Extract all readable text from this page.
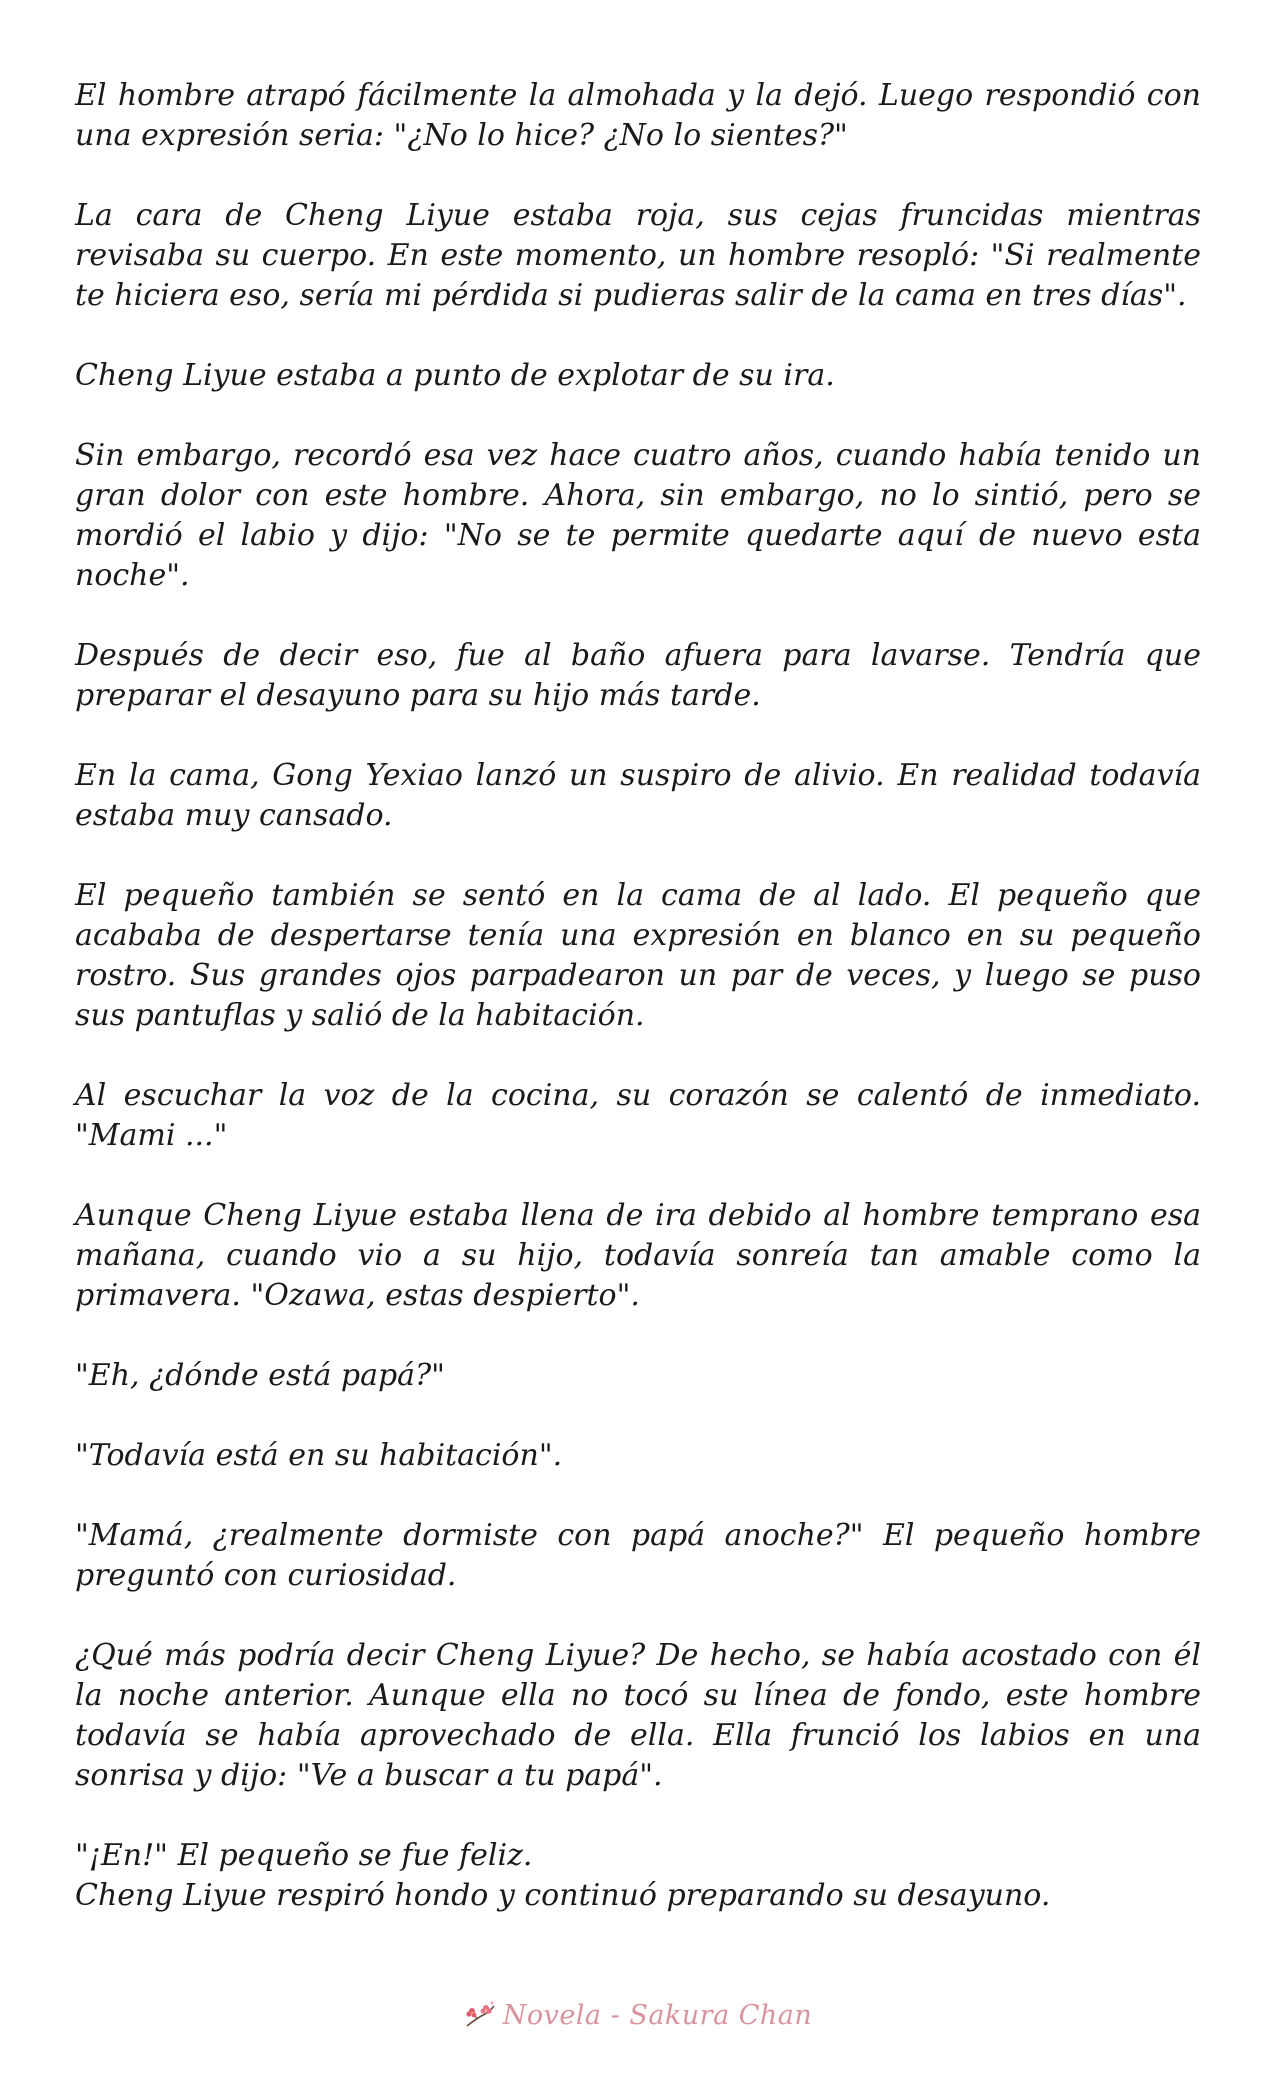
El hombre atrapó fácilmente la almohada y la dejó. Luego respondió con una expresión seria: "¿No lo hice? ¿No lo sientes?"

La cara de Cheng Liyue estaba roja, sus cejas fruncidas mientras revisaba su cuerpo. En este momento, un hombre resopló: "Si realmente te hiciera eso, sería mi pérdida si pudieras salir de la cama en tres días".

Cheng Liyue estaba a punto de explotar de su ira.

Sin embargo, recordó esa vez hace cuatro años, cuando había tenido un gran dolor con este hombre. Ahora, sin embargo, no lo sintió, pero se mordió el labio y dijo: "No se te permite quedarte aquí de nuevo esta noche".

Después de decir eso, fue al baño afuera para lavarse. Tendría que preparar el desayuno para su hijo más tarde.

En la cama, Gong Yexiao lanzó un suspiro de alivio. En realidad todavía estaba muy cansado.

El pequeño también se sentó en la cama de al lado. El pequeño que acababa de despertarse tenía una expresión en blanco en su pequeño rostro. Sus grandes ojos parpadearon un par de veces, y luego se puso sus pantuflas y salió de la habitación.

Al escuchar la voz de la cocina, su corazón se calentó de inmediato. "Mami ..."

Aunque Cheng Liyue estaba llena de ira debido al hombre temprano esa mañana, cuando vio a su hijo, todavía sonreía tan amable como la primavera. "Ozawa, estas despierto".

"Eh, ¿dónde está papá?"

"Todavía está en su habitación".

"Mamá, ¿realmente dormiste con papá anoche?" El pequeño hombre preguntó con curiosidad.

¿Qué más podría decir Cheng Liyue? De hecho, se había acostado con él la noche anterior. Aunque ella no tocó su línea de fondo, este hombre todavía se había aprovechado de ella. Ella frunció los labios en una sonrisa y dijo: "Ve a buscar a tu papá".

"¡En!" El pequeño se fue feliz.

Cheng Liyue respiró hondo y continuó preparando su desayuno.

Novela - Sakura Chan
